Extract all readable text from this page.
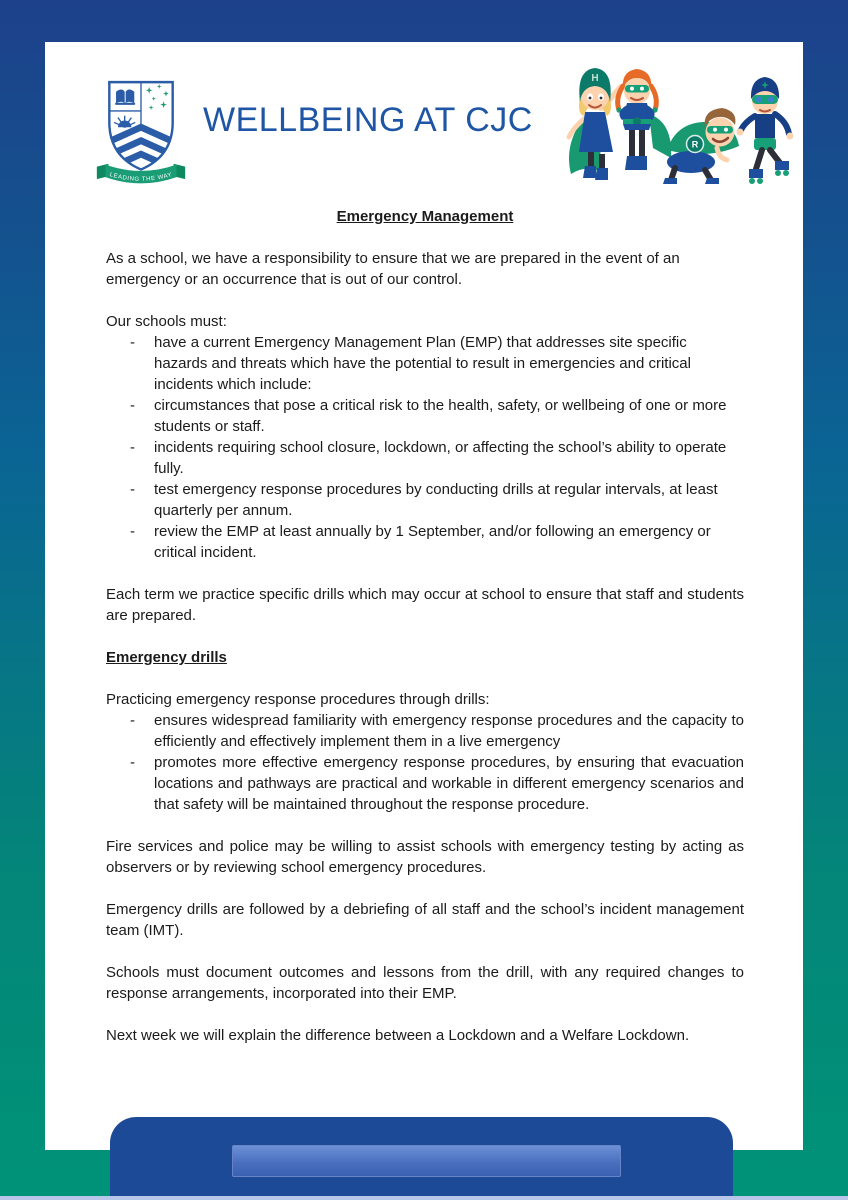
LEADING THE WAY
WELLBEING AT CJC
H
R

Emergency Management

As a school, we have a responsibility to ensure that we are prepared in the event of an emergency or an occurrence that is out of our control.

Our schools must:

-	have a current Emergency Management Plan (EMP) that addresses site specific hazards and threats which have the potential to result in emergencies and critical incidents which include:
-	circumstances that pose a critical risk to the health, safety, or wellbeing of one or more students or staff.
-	incidents requiring school closure, lockdown, or affecting the school’s ability to operate fully.
-	test emergency response procedures by conducting drills at regular intervals, at least quarterly per annum.
-	review the EMP at least annually by 1 September, and/or following an emergency or critical incident.

Each term we practice specific drills which may occur at school to ensure that staff and students are prepared.

Emergency drills

Practicing emergency response procedures through drills:

-	ensures widespread familiarity with emergency response procedures and the capacity to efficiently and effectively implement them in a live emergency
-	promotes more effective emergency response procedures, by ensuring that evacuation locations and pathways are practical and workable in different emergency scenarios and that safety will be maintained throughout the response procedure.

Fire services and police may be willing to assist schools with emergency testing by acting as observers or by reviewing school emergency procedures.

Emergency drills are followed by a debriefing of all staff and the school’s incident management team (IMT).

Schools must document outcomes and lessons from the drill, with any required changes to response arrangements, incorporated into their EMP.

Next week we will explain the difference between a Lockdown and a Welfare Lockdown.
